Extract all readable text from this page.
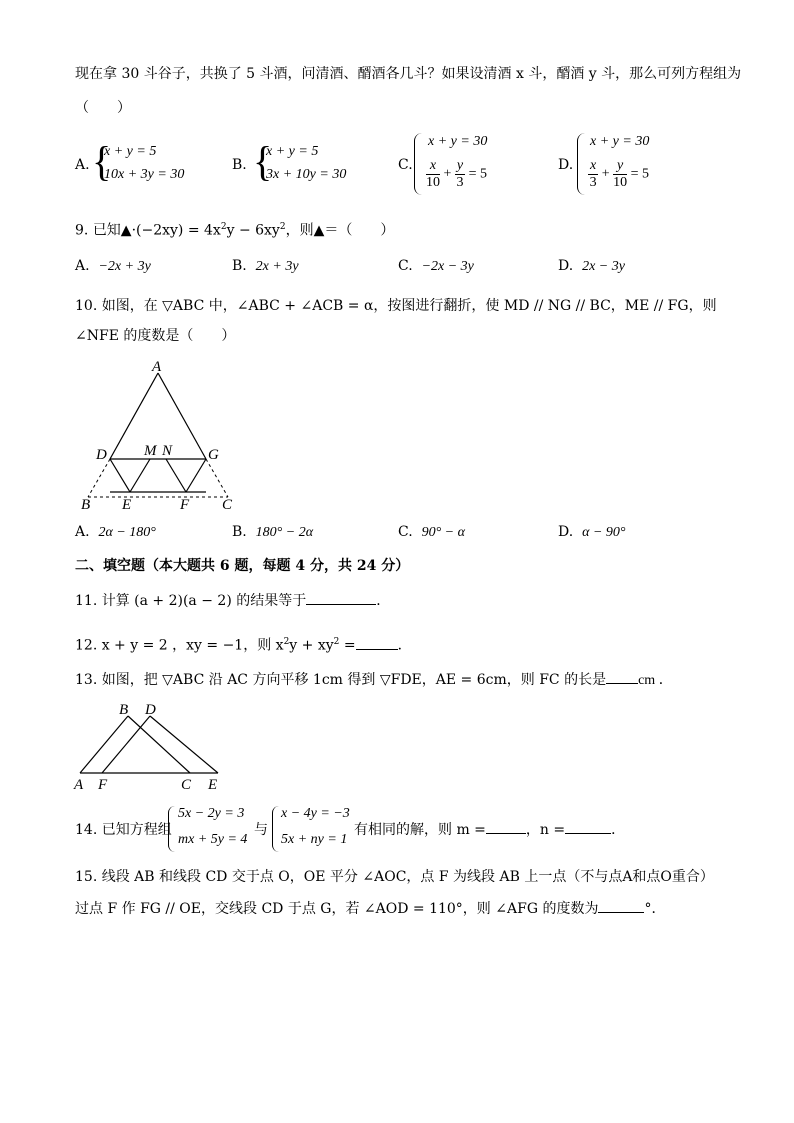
现在拿 30 斗谷子，共换了 5 斗酒，问清酒、醑酒各几斗？如果设清酒 x 斗，醑酒 y 斗，那么可列方程组为
（　　）
A. {
x + y = 5
10x + 3y = 30
B. {
x + y = 5
3x + 10y = 30
C.
x + y = 30
$\frac{x}{10} + \frac{y}{3} = 5$
D.
x + y = 30
$\frac{x}{3} + \frac{y}{10} = 5$
9. 已知▲·(−2xy) = $4x^2y - 6xy^2$，则▲＝（　　）
A. −2x + 3y	B. 2x + 3y	C. −2x − 3y	D. 2x − 3y
10. 如图，在 ▽ABC 中，∠ABC + ∠ACB = α，按图进行翻折，使 MD // NG // BC，ME // FG，则
∠NFE 的度数是（　　）
A
D	G
M N
B E	F C
A. 2α − 180°	B. 180° − 2α	C. 90° − α	D. α − 90°
二、填空题（本大题共 6 题，每题 4 分，共 24 分）
11. 计算 (a + 2)(a − 2) 的结果等于	．
12. x + y = 2 ，xy = −1，则 $x^2y + xy^2$ =	．
13. 如图，把 ▽ABC 沿 AC 方向平移 1cm 得到 ▽FDE，AE = 6cm，则 FC 的长是 cm ．
B D
A F	C E
14. 已知方程组
5x − 2y = 3
mx + 5y = 4
与
x − 4y = −3
5x + ny = 1
有相同的解，则 m =	，n =	．
15. 线段 AB 和线段 CD 交于点 O，OE 平分 ∠AOC，点 F 为线段 AB 上一点（不与点A和点O重合）
过点 F 作 FG // OE，交线段 CD 于点 G，若 ∠AOD = 110°，则 ∠AFG 的度数为	°．
